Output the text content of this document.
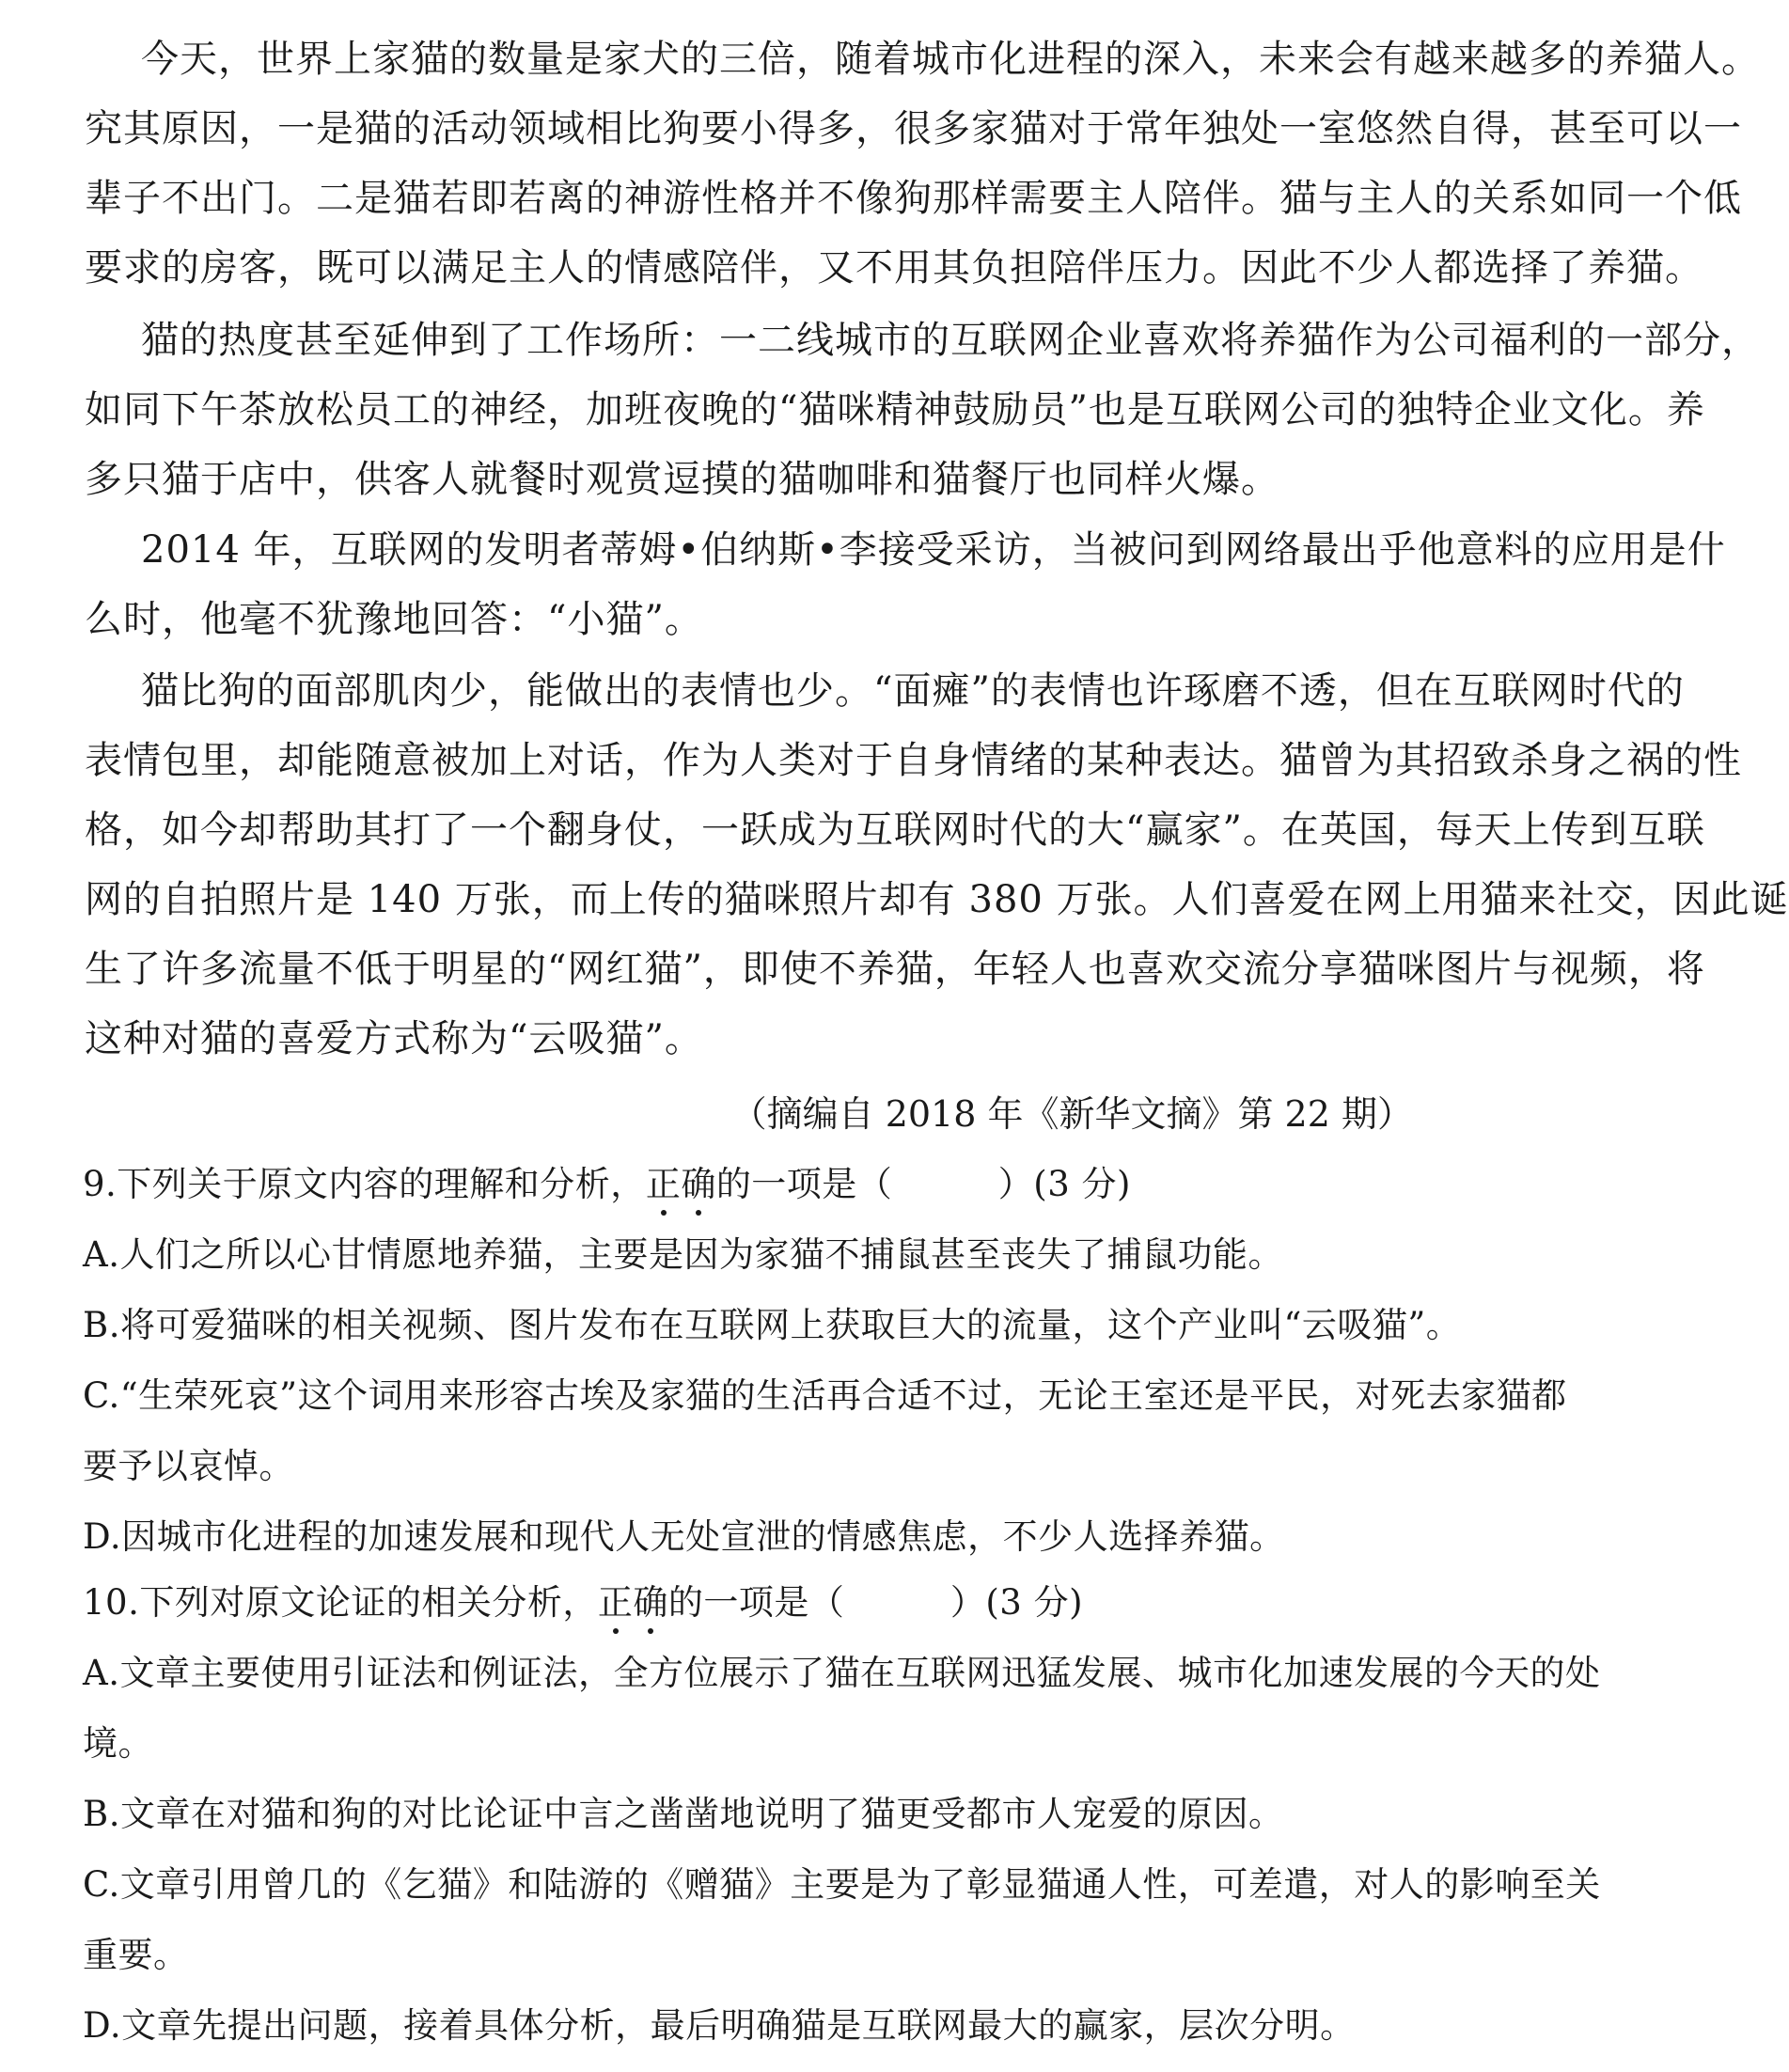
今天，世界上家猫的数量是家犬的三倍，随着城市化进程的深入，未来会有越来越多的养猫人。
究其原因，一是猫的活动领域相比狗要小得多，很多家猫对于常年独处一室悠然自得，甚至可以一
辈子不出门。二是猫若即若离的神游性格并不像狗那样需要主人陪伴。猫与主人的关系如同一个低
要求的房客，既可以满足主人的情感陪伴，又不用其负担陪伴压力。因此不少人都选择了养猫。
猫的热度甚至延伸到了工作场所：一二线城市的互联网企业喜欢将养猫作为公司福利的一部分，
如同下午茶放松员工的神经，加班夜晚的“猫咪精神鼓励员”也是互联网公司的独特企业文化。养
多只猫于店中，供客人就餐时观赏逗摸的猫咖啡和猫餐厅也同样火爆。
2014 年，互联网的发明者蒂姆•伯纳斯•李接受采访，当被问到网络最出乎他意料的应用是什
么时，他毫不犹豫地回答：“小猫”。
猫比狗的面部肌肉少，能做出的表情也少。“面瘫”的表情也许琢磨不透，但在互联网时代的
表情包里，却能随意被加上对话，作为人类对于自身情绪的某种表达。猫曾为其招致杀身之祸的性
格，如今却帮助其打了一个翻身仗，一跃成为互联网时代的大“赢家”。在英国，每天上传到互联
网的自拍照片是 140 万张，而上传的猫咪照片却有 380 万张。人们喜爱在网上用猫来社交，因此诞
生了许多流量不低于明星的“网红猫”，即使不养猫，年轻人也喜欢交流分享猫咪图片与视频，将
这种对猫的喜爱方式称为“云吸猫”。
（摘编自 2018 年《新华文摘》第 22 期）
9.下列关于原文内容的理解和分析，正确的一项是（　　　）(3 分)
A.人们之所以心甘情愿地养猫，主要是因为家猫不捕鼠甚至丧失了捕鼠功能。
B.将可爱猫咪的相关视频、图片发布在互联网上获取巨大的流量，这个产业叫“云吸猫”。
C.“生荣死哀”这个词用来形容古埃及家猫的生活再合适不过，无论王室还是平民，对死去家猫都
要予以哀悼。
D.因城市化进程的加速发展和现代人无处宣泄的情感焦虑，不少人选择养猫。
10.下列对原文论证的相关分析，正确的一项是（　　　）(3 分)
A.文章主要使用引证法和例证法，全方位展示了猫在互联网迅猛发展、城市化加速发展的今天的处
境。
B.文章在对猫和狗的对比论证中言之凿凿地说明了猫更受都市人宠爱的原因。
C.文章引用曾几的《乞猫》和陆游的《赠猫》主要是为了彰显猫通人性，可差遣，对人的影响至关
重要。
D.文章先提出问题，接着具体分析，最后明确猫是互联网最大的赢家，层次分明。
